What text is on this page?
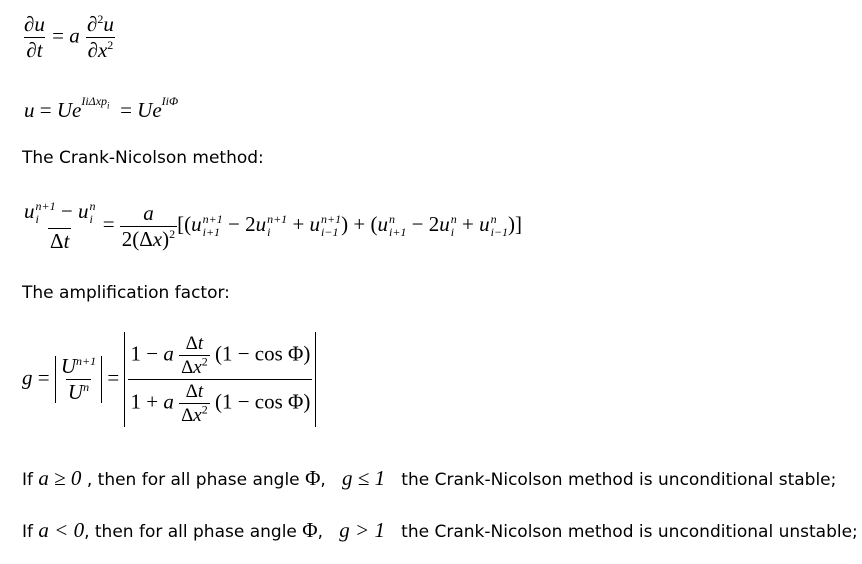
$\frac{\partial u}{\partial t} = a \frac{\partial^2u}{\partial x^2}$
$u = Ue^{Ii\Delta xp_i} = Ue^{Ii\Phi}$
The Crank-Nicolson method:
u n+1
i − u n
i
$\Delta t = \frac{a}{2(\Delta x)^2} [(u$ n+1
i+1 − 2u n+1
i + u n+1
i−1 ) + (u n
i+1 − 2u n
i + u n
i−1 )]
The amplification factor:
$g = \frac{U^{n+1}}{U^n} = \frac{1 - a \frac{\Delta t}{\Delta x^2} (1 - \cos \Phi)}{1 + a \frac{\Delta t}{\Delta x^2} (1 - \cos \Phi)}$
If a ≥ 0 , then for all phase angle Φ, g ≤ 1 the Crank-Nicolson method is unconditional stable;
If a < 0, then for all phase angle Φ, g > 1 the Crank-Nicolson method is unconditional unstable;
